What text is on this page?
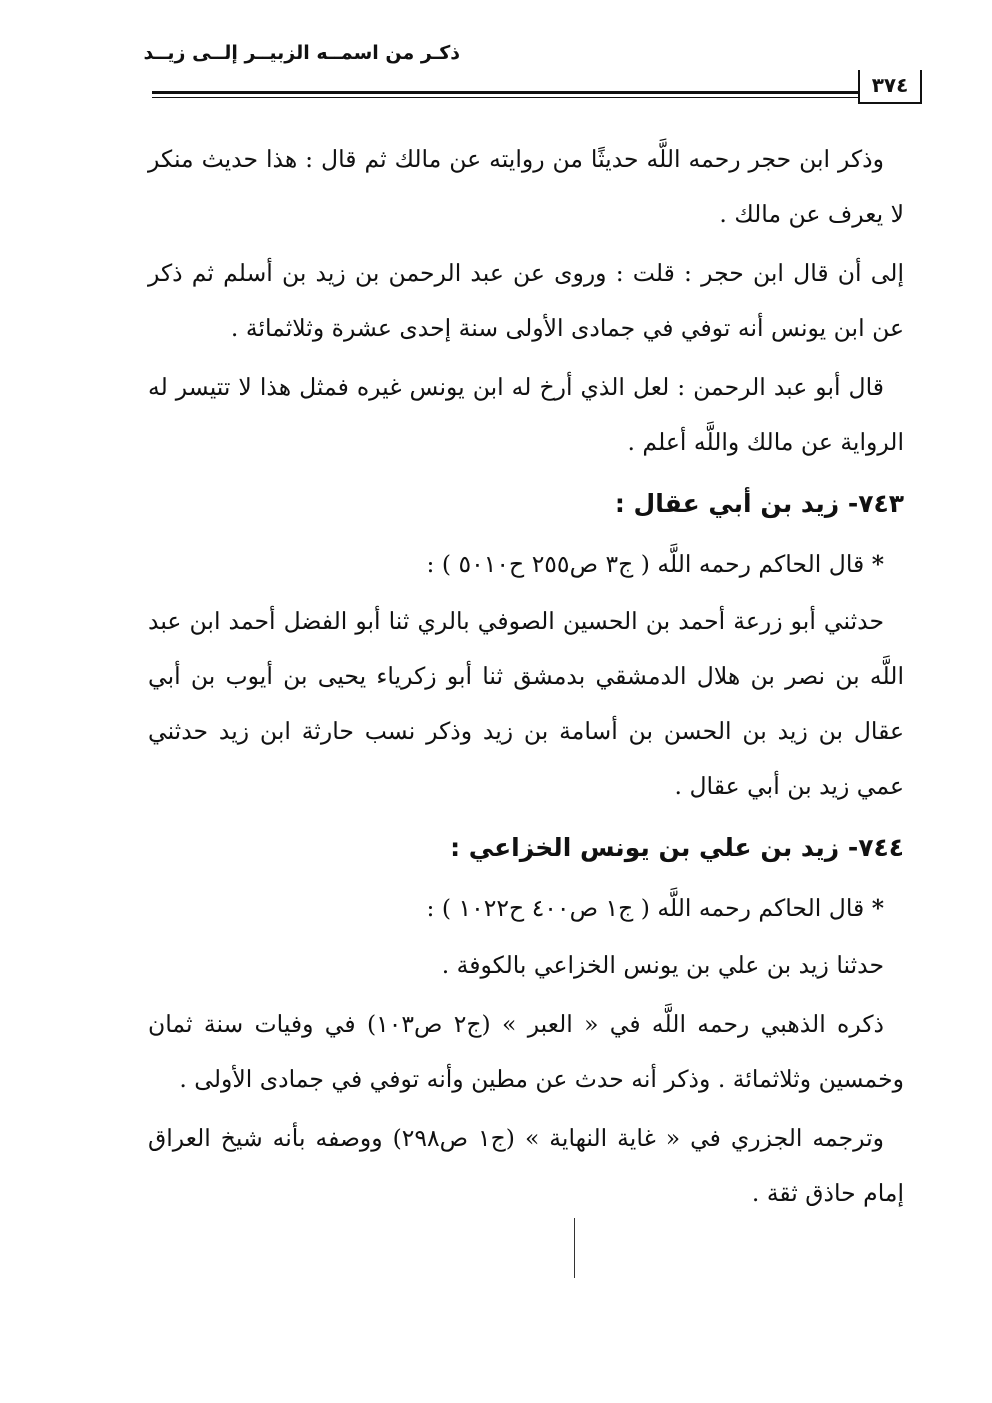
ذكـر من اسمــه الزبيــر إلــى زيــد
٣٧٤

وذكر ابن حجر رحمه اللَّه حديثًا من روايته عن مالك ثم قال : هذا حديث منكر لا يعرف عن مالك .

إلى أن قال ابن حجر : قلت : وروى عن عبد الرحمن بن زيد بن أسلم ثم ذكر عن ابن يونس أنه توفي في جمادى الأولى سنة إحدى عشرة وثلاثمائة .

قال أبو عبد الرحمن : لعل الذي أرخ له ابن يونس غيره فمثل هذا لا تتيسر له الرواية عن مالك واللَّه أعلم .

٧٤٣- زيد بن أبي عقال :

* قال الحاكم رحمه اللَّه ( ج٣ ص٢٥٥ ح٥٠١٠ ) :

حدثني أبو زرعة أحمد بن الحسين الصوفي بالري ثنا أبو الفضل أحمد ابن عبد اللَّه بن نصر بن هلال الدمشقي بدمشق ثنا أبو زكرياء يحيى بن أيوب بن أبي عقال بن زيد بن الحسن بن أسامة بن زيد وذكر نسب حارثة ابن زيد حدثني عمي زيد بن أبي عقال .

٧٤٤- زيد بن علي بن يونس الخزاعي :

* قال الحاكم رحمه اللَّه ( ج١ ص٤٠٠ ح١٠٢٢ ) :

حدثنا زيد بن علي بن يونس الخزاعي بالكوفة .

ذكره الذهبي رحمه اللَّه في « العبر » (ج٢ ص١٠٣) في وفيات سنة ثمان وخمسين وثلاثمائة . وذكر أنه حدث عن مطين وأنه توفي في جمادى الأولى .

وترجمه الجزري في « غاية النهاية » (ج١ ص٢٩٨) ووصفه بأنه شيخ العراق إمام حاذق ثقة .
